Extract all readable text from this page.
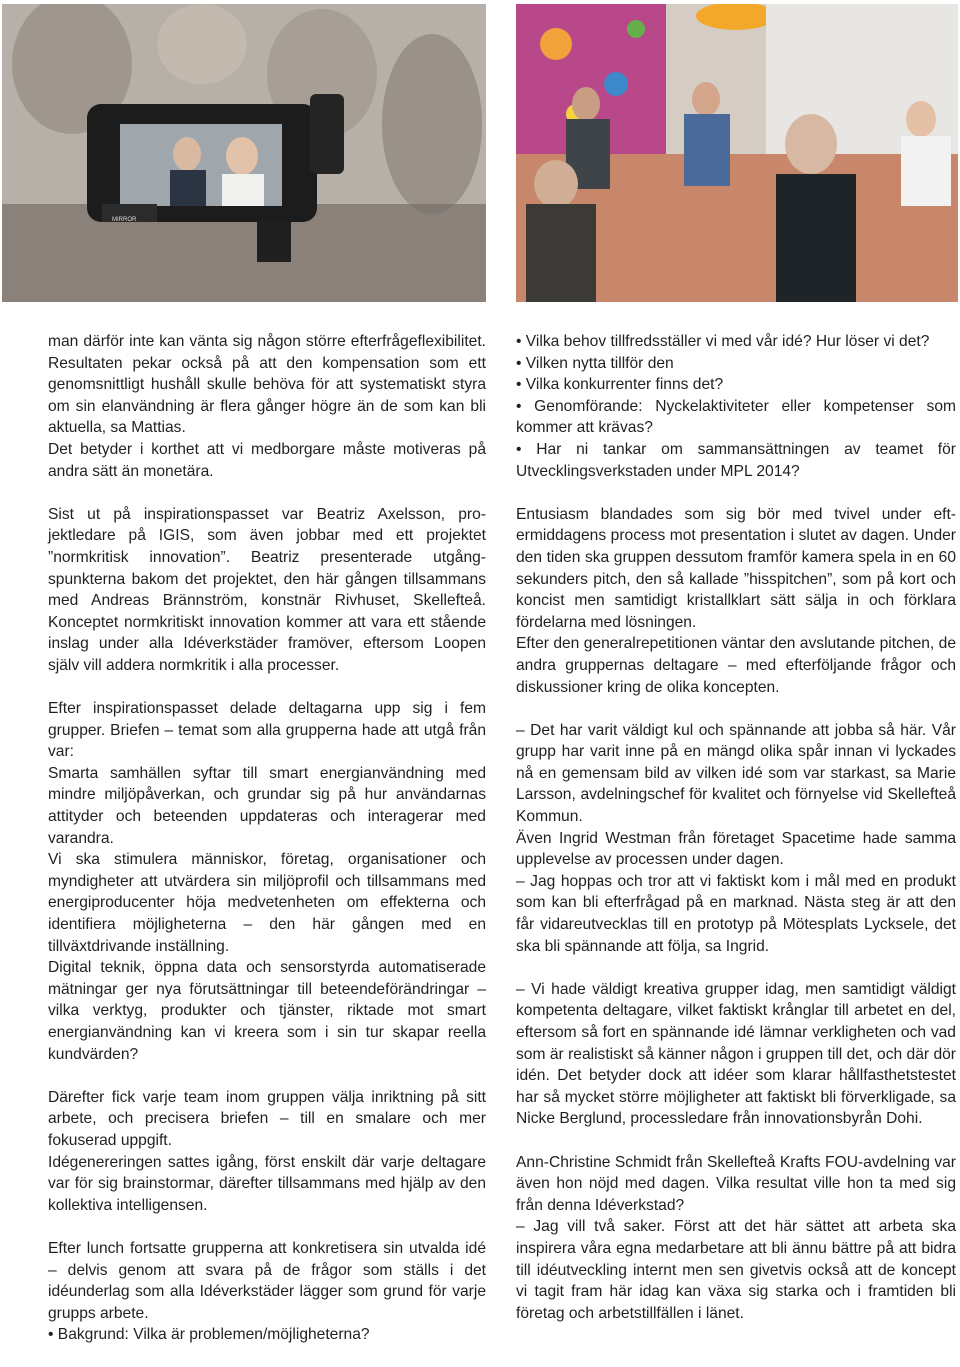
MIRROR

man därför inte kan vänta sig någon större efterfrågeflexibilitet. Resultaten pekar också på att den kompensation som ett genomsnittligt hushåll skulle behöva för att systematiskt styra om sin elanvändning är flera gånger högre än de som kan bli aktuella, sa Mattias.

Det betyder i korthet att vi medborgare måste motiveras på andra sätt än monetära.

Sist ut på inspirationspasset var Beatriz Axelsson, projektledare på IGIS, som även jobbar med ett projektet ”normkritisk innovation”. Beatriz presenterade utgångspunkterna bakom det projektet, den här gången tillsammans med Andreas Brännström, konstnär Rivhuset, Skellefteå. Konceptet normkritiskt innovation kommer att vara ett stående inslag under alla Idéverkstäder framöver, eftersom Loopen själv vill addera normkritik i alla processer.

Efter inspirationspasset delade deltagarna upp sig i fem grupper. Briefen – temat som alla grupperna hade att utgå från var:

Smarta samhällen syftar till smart energianvändning med mindre miljöpåverkan, och grundar sig på hur användarnas attityder och beteenden uppdateras och interagerar med varandra.

Vi ska stimulera människor, företag, organisationer och myndigheter att utvärdera sin miljöprofil och tillsammans med energiproducenter höja medvetenheten om effekterna och identifiera möjligheterna – den här gången med en tillväxtdrivande inställning.

Digital teknik, öppna data och sensorstyrda automatiserade mätningar ger nya förutsättningar till beteendeförändringar – vilka verktyg, produkter och tjänster, riktade mot smart energianvändning kan vi kreera som i sin tur skapar reella kundvärden?

Därefter fick varje team inom gruppen välja inriktning på sitt arbete, och precisera briefen – till en smalare och mer fokuserad uppgift.

Idégenereringen sattes igång, först enskilt där varje deltagare var för sig brainstormar, därefter tillsammans med hjälp av den kollektiva intelligensen.

Efter lunch fortsatte grupperna att konkretisera sin utvalda idé – delvis genom att svara på de frågor som ställs i det idéunderlag som alla Idéverkstäder lägger som grund för varje grupps arbete.

• Bakgrund: Vilka är problemen/möjligheterna?

• Vilka behov tillfredsställer vi med vår idé? Hur löser vi det?

• Vilken nytta tillför den

• Vilka konkurrenter finns det?

• Genomförande: Nyckelaktiviteter eller kompetenser som kommer att krävas?

• Har ni tankar om sammansättningen av teamet för Utvecklingsverkstaden under MPL 2014?

Entusiasm blandades som sig bör med tvivel under eftermiddagens process mot presentation i slutet av dagen. Under den tiden ska gruppen dessutom framför kamera spela in en 60 sekunders pitch, den så kallade ”hisspitchen”, som på kort och koncist men samtidigt kristallklart sätt sälja in och förklara fördelarna med lösningen.

Efter den generalrepetitionen väntar den avslutande pitchen, de andra gruppernas deltagare – med efterföljande frågor och diskussioner kring de olika koncepten.

– Det har varit väldigt kul och spännande att jobba så här. Vår grupp har varit inne på en mängd olika spår innan vi lyckades nå en gemensam bild av vilken idé som var starkast, sa Marie Larsson, avdelningschef för kvalitet och förnyelse vid Skellefteå Kommun.

Även Ingrid Westman från företaget Spacetime hade samma upplevelse av processen under dagen.

– Jag hoppas och tror att vi faktiskt kom i mål med en produkt som kan bli efterfrågad på en marknad. Nästa steg är att den får vidareutvecklas till en prototyp på Mötesplats Lycksele, det ska bli spännande att följa, sa Ingrid.

– Vi hade väldigt kreativa grupper idag, men samtidigt väldigt kompetenta deltagare, vilket faktiskt krånglar till arbetet en del, eftersom så fort en spännande idé lämnar verkligheten och vad som är realistiskt så känner någon i gruppen till det, och där dör idén. Det betyder dock att idéer som klarar hållfasthetstestet har så mycket större möjligheter att faktiskt bli förverkligade, sa Nicke Berglund, processledare från innovationsbyrån Dohi.

Ann-Christine Schmidt från Skellefteå Krafts FOU-avdelning var även hon nöjd med dagen. Vilka resultat ville hon ta med sig från denna Idéverkstad?

– Jag vill två saker. Först att det här sättet att arbeta ska inspirera våra egna medarbetare att bli ännu bättre på att bidra till idéutveckling internt men sen givetvis också att de koncept vi tagit fram här idag kan växa sig starka och i framtiden bli företag och arbetstillfällen i länet.
